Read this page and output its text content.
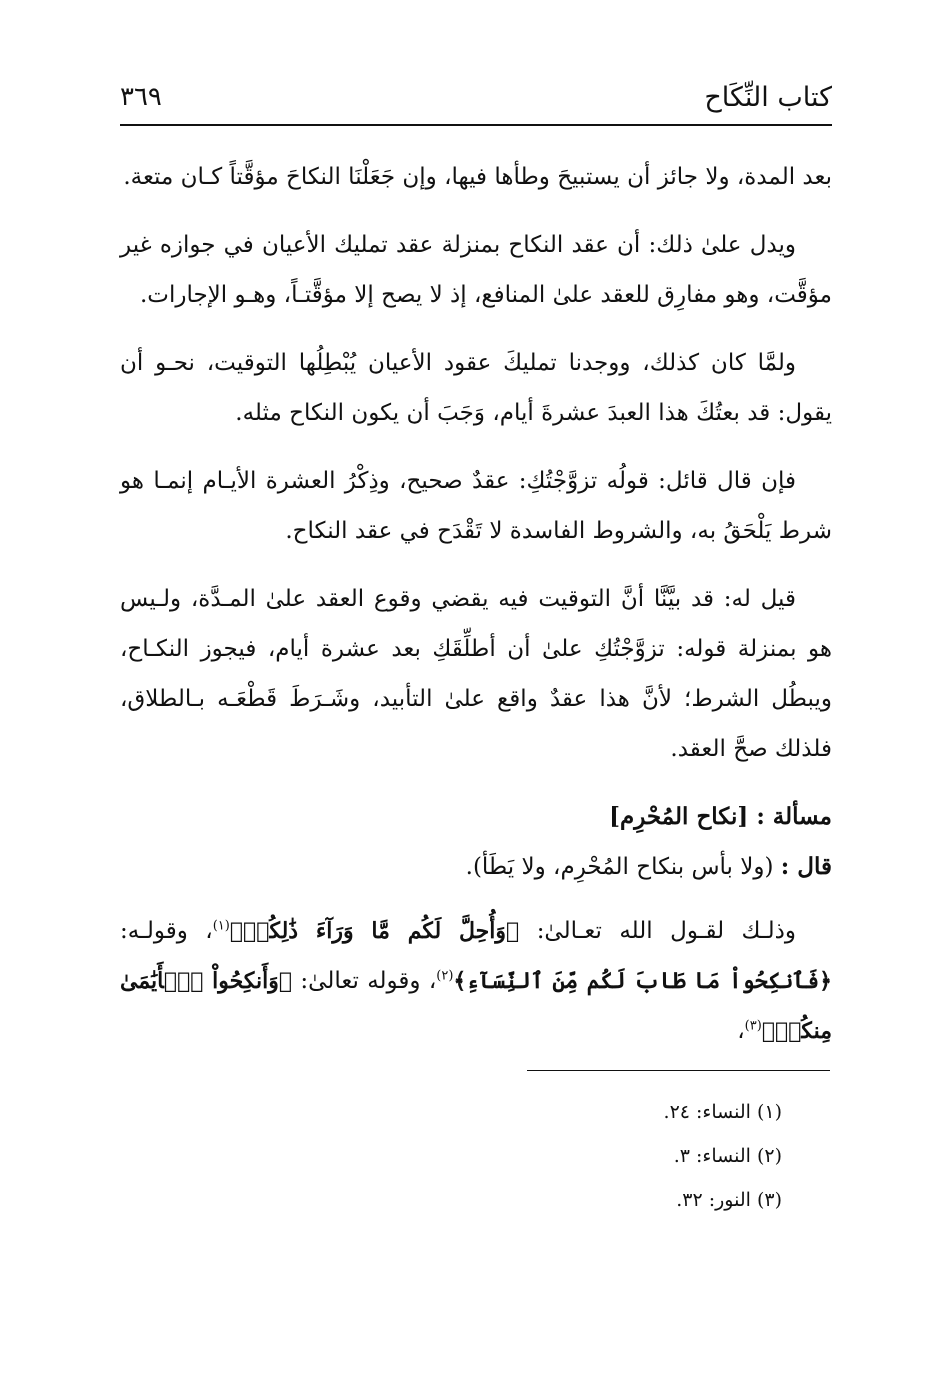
كتاب النِّكَاح
٣٦٩

بعد المدة، ولا جائز أن يستبيحَ وطأها فيها، وإن جَعَلْنَا النكاحَ مؤقَّتاً كـان متعة.

ويدل علىٰ ذلك: أن عقد النكاح بمنزلة عقد تمليك الأعيان في جوازه غير مؤقَّت، وهو مفارِق للعقد علىٰ المنافع، إذ لا يصح إلا مؤقَّتـاً، وهـو الإجارات.

ولمَّا كان كذلك، ووجدنا تمليكَ عقود الأعيان يُبْطِلُها التوقيت، نحـو أن يقول: قد بعتُكَ هذا العبدَ عشرةَ أيام، وَجَبَ أن يكون النكاح مثله.

فإن قال قائل: قولُه تزوَّجْتُكِ: عقدٌ صحيح، وذِكْرُ العشرة الأيـام إنمـا هو شرط يَلْحَقُ به، والشروط الفاسدة لا تَقْدَح في عقد النكاح.

قيل له: قد بيَّنَّا أنَّ التوقيت فيه يقضي وقوع العقد علىٰ المـدَّة، ولـيس هو بمنزلة قوله: تزوَّجْتُكِ علىٰ أن أطلِّقَكِ بعد عشرة أيام، فيجوز النكـاح، ويبطُل الشرط؛ لأنَّ هذا عقدٌ واقع علىٰ التأبيد، وشَـرَطَ قَطْعَـه بـالطلاق، فلذلك صحَّ العقد.

مسألة : [نكاح المُحْرِم]

قال : (ولا بأس بنكاح المُحْرِم، ولا يَطَأ).

وذلـك لقـول الله تعـالىٰ: ﴿وَأُحِلَّ لَكُم مَّا وَرَآءَ ذَٰلِكُمۡ﴾$^{(١)}$، وقولـه: ﴿فَٱنكِحُواْ مَا طَابَ لَكُم مِّنَ ٱلنِّسَآءِ﴾$^{(٢)}$، وقوله تعالىٰ: ﴿وَأَنكِحُواْ ٱلۡأَيَٰمَىٰ مِنكُمۡ﴾$^{(٣)}$،

(١) النساء: ٢٤.
(٢) النساء: ٣.
(٣) النور: ٣٢.
